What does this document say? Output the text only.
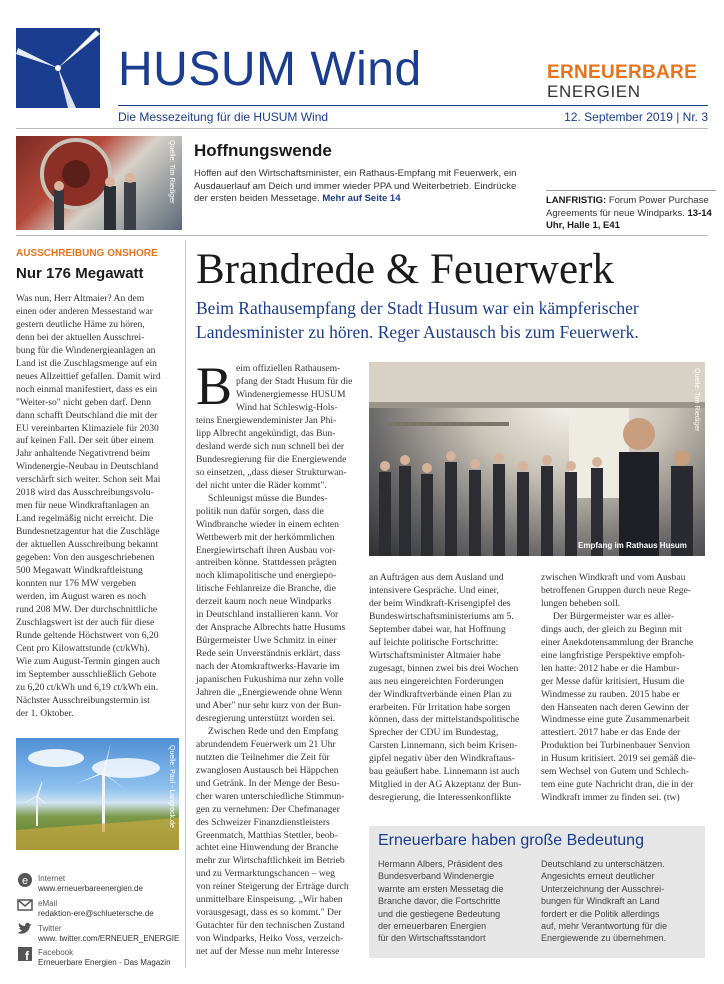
HUSUM Wind	ERNEUERBARE
ENERGIEN
Die Messezeitung für die HUSUM Wind	12. September 2019 | Nr. 3
Quelle: Tim Riediger Hoffnungswende
Hoffen auf den Wirtschaftsminister, ein Rathaus-Empfang mit Feuerwerk, ein Ausdauerlauf am Deich und immer wieder PPA und Weiterbetrieb. Eindrücke der ersten beiden Messetage. Mehr auf Seite 14	LANFRISTIG: Forum Power Purchase Agreements für neue Windparks. 13-14 Uhr, Halle 1, E41
AUSSCHREIBUNG ONSHORE
Nur 176 Megawatt
Was nun, Herr Altmaier? An dem
einen oder anderen Messestand war
gestern deutliche Häme zu hören,
denn bei der aktuellen Ausschrei-
bung für die Windenergieanlagen an
Land ist die Zuschlagsmenge auf ein
neues Allzeittief gefallen. Damit wird
noch einmal manifestiert, dass es ein
"Weiter-so" nicht geben darf. Denn
dann schafft Deutschland die mit der
EU vereinbarten Klimaziele für 2030
auf keinen Fall. Der seit über einem
Jahr anhaltende Negativtrend beim
Windenergie-Neubau in Deutschland
verschärft sich weiter. Schon seit Mai
2018 wird das Ausschreibungsvolu-
men für neue Windkraftanlagen an
Land regelmäßig nicht erreicht. Die
Bundesnetzagentur hat die Zuschläge
der aktuellen Ausschreibung bekannt
gegeben: Von den ausgeschriebenen
500 Megawatt Windkraftleistung
konnten nur 176 MW vergeben
werden, im August waren es noch
rund 208 MW. Der durchschnittliche
Zuschlagswert ist der auch für diese
Runde geltende Höchstwert von 6,20
Cent pro Kilowattstunde (ct/kWh).
Wie zum August-Termin gingen auch
im September ausschließlich Gebote
zu 6,20 ct/kWh und 6,19 ct/kWh ein.
Nächster Ausschreibungstermin ist
der 1. Oktober.
Quelle: Paul - Langrock.de
e Internet
www.erneuerbareenergien.de
eMail
redaktion-ere@schluetersche.de
Twitter
www. twitter.com/ERNEUER_ENERGIE
f Facebook
Erneuerbare Energien - Das Magazin
Brandrede & Feuerwerk
Beim Rathausempfang der Stadt Husum war ein kämpferischer Landesminister zu hören. Reger Austausch bis zum Feuerwerk.
B eim offiziellen Rathausem-
pfang der Stadt Husum für die
Windenergiemesse HUSUM
Wind hat Schleswig-Hols-
teins Energiewendeminister Jan Phi-
lipp Albrecht angekündigt, das Bun-
desland werde sich nun schnell bei der
Bundesregierung für die Energiewende
so einsetzen, „dass dieser Strukturwan-
del nicht unter die Räder kommt".
Schleunigst müsse die Bundes-
politik nun dafür sorgen, dass die
Windbranche wieder in einem echten
Wettbewerb mit der herkömmlichen
Energiewirtschaft ihren Ausbau vor-
antreiben könne. Stattdessen prägten
noch klimapolitische und energiepo-
litische Fehlanreize die Branche, die
derzeit kaum noch neue Windparks
in Deutschland installieren kann. Vor
der Ansprache Albrechts hatte Husums
Bürgermeister Uwe Schmitz in einer
Rede sein Unverständnis erklärt, dass
nach der Atomkraftwerks-Havarie im
japanischen Fukushima nur zehn volle
Jahren die „Energiewende ohne Wenn
und Aber" nur sehr kurz von der Bun-
desregierung unterstützt worden sei.
Zwischen Rede und den Empfang
abrundendem Feuerwerk um 21 Uhr
nutzten die Teilnehmer die Zeit für
zwanglosen Austausch bei Häppchen
und Getränk. In der Menge der Besu-
cher waren unterschiedliche Stimmun-
gen zu vernehmen: Der Chefmanager
des Schweizer Finanzdienstleisters
Greenmatch, Matthias Stettler, beob-
achtet eine Hinwendung der Branche
mehr zur Wirtschaftlichkeit im Betrieb
und zu Vermarktungschancen – weg
von reiner Steigerung der Erträge durch
unmittelbare Einspeisung. „Wir haben
vorausgesagt, dass es so kommt." Der
Gutachter für den technischen Zustand
von Windparks, Heiko Voss, verzeich-
net auf der Messe nun mehr Interesse
Quelle: Tim Riediger
Empfang im Rathaus Husum
an Aufträgen aus dem Ausland und
intensivere Gespräche. Und einer,
der beim Windkraft-Krisengipfel des
Bundeswirtschaftsministeriums am 5.
September dabei war, hat Hoffnung
auf leichte politische Fortschritte:
Wirtschaftsminister Altmaier habe
zugesagt, binnen zwei bis drei Wochen
aus neu eingereichten Forderungen
der Windkraftverbände einen Plan zu
erarbeiten. Für Irritation habe sorgen
können, dass der mittelstandspolitische
Sprecher der CDU im Bundestag,
Carsten Linnemann, sich beim Krisen-
gipfel negativ über den Windkraftaus-
bau geäußert habe. Linnemann ist auch
Mitglied in der AG Akzeptanz der Bun-
desregierung, die Interessenkonflikte
zwischen Windkraft und vom Ausbau
betroffenen Gruppen durch neue Rege-
lungen beheben soll.
Der Bürgermeister war es aller-
dings auch, der gleich zu Beginn mit
einer Anekdotensammlung der Branche
eine langfristige Perspektive empfoh-
len hatte: 2012 habe er die Hambur-
ger Messe dafür kritisiert, Husum die
Windmesse zu rauben. 2015 habe er
den Hanseaten nach deren Gewinn der
Windmesse eine gute Zusammenarbeit
attestiert. 2017 habe er das Ende der
Produktion bei Turbinenbauer Senvion
in Husum kritisiert. 2019 sei gemäß die-
sem Wechsel von Gutem und Schlech-
tem eine gute Nachricht dran, die in der
Windkraft immer zu finden sei. (tw)
Erneuerbare haben große Bedeutung
Hermann Albers, Präsident des
Bundesverband Windenergie
warnte am ersten Messetag die
Branche davor, die Fortschritte
und die gestiegene Bedeutung
der erneuerbaren Energien
für den Wirtschaftsstandort
Deutschland zu unterschätzen.
Angesichts erneut deutlicher
Unterzeichnung der Ausschrei-
bungen für Windkraft an Land
fordert er die Politik allerdings
auf, mehr Verantwortung für die
Energiewende zu übernehmen.
